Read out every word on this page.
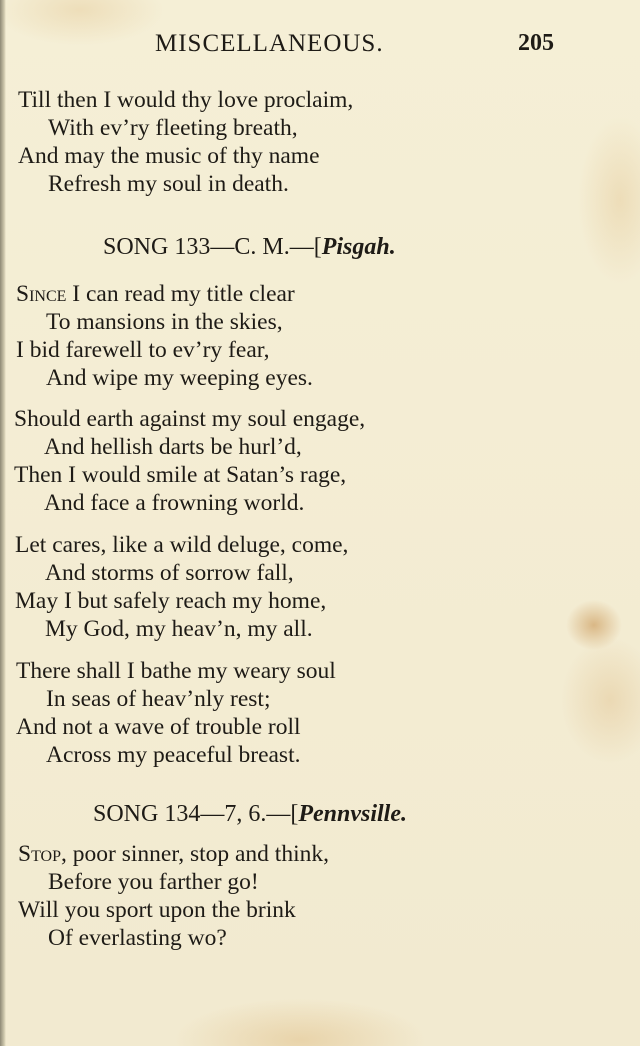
MISCELLANEOUS.	205
Till then I would thy love proclaim,
With ev’ry fleeting breath,
And may the music of thy name
Refresh my soul in death.
SONG 133—C. M.—[Pisgah.
Since I can read my title clear
To mansions in the skies,
I bid farewell to ev’ry fear,
And wipe my weeping eyes.
Should earth against my soul engage,
And hellish darts be hurl’d,
Then I would smile at Satan’s rage,
And face a frowning world.
Let cares, like a wild deluge, come,
And storms of sorrow fall,
May I but safely reach my home,
My God, my heav’n, my all.
There shall I bathe my weary soul
In seas of heav’nly rest;
And not a wave of trouble roll
Across my peaceful breast.
SONG 134—7, 6.—[Pennvsille.
Stop, poor sinner, stop and think,
Before you farther go!
Will you sport upon the brink
Of everlasting wo?
